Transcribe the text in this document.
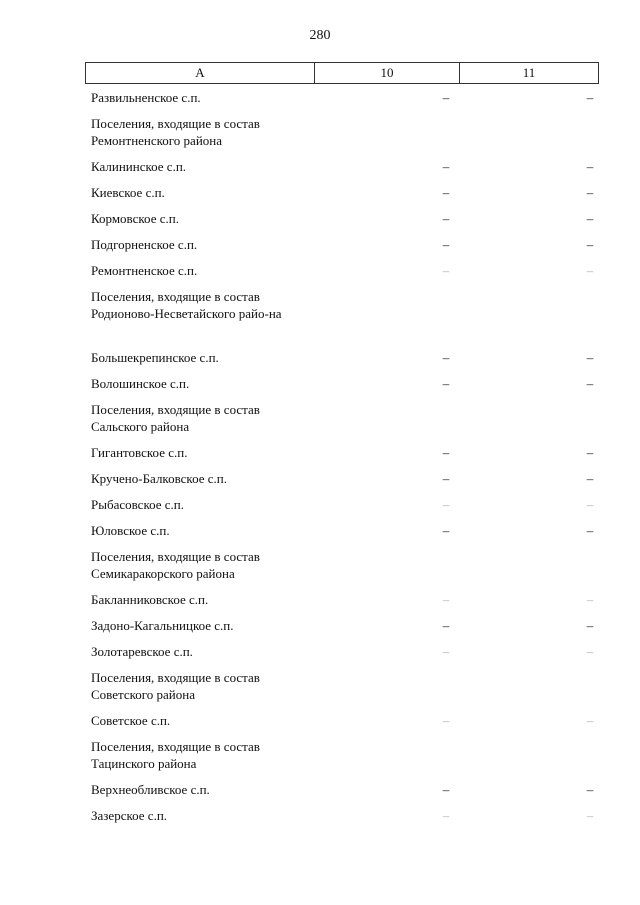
280
А	10	11
Развильненское с.п.	–	–
Поселения, входящие в состав Ремонтненского района
Калининское с.п.	–	–
Киевское с.п.	–	–
Кормовское с.п.	–	–
Подгорненское с.п.	–	–
Ремонтненское с.п.	–	–
Поселения, входящие в состав Родионово-Несветайского райо-на
Большекрепинское с.п.	–	–
Волошинское с.п.	–	–
Поселения, входящие в состав Сальского района
Гигантовское с.п.	–	–
Кручено-Балковское с.п.	–	–
Рыбасовское с.п.	–	–
Юловское с.п.	–	–
Поселения, входящие в состав Семикаракорского района
Бакланниковское с.п.	–	–
Задоно-Кагальницкое с.п.	–	–
Золотаревское с.п.	–	–
Поселения, входящие в состав Советского района
Советское с.п.	–	–
Поселения, входящие в состав Тацинского района
Верхнеобливское с.п.	–	–
Зазерское с.п.	–	–
